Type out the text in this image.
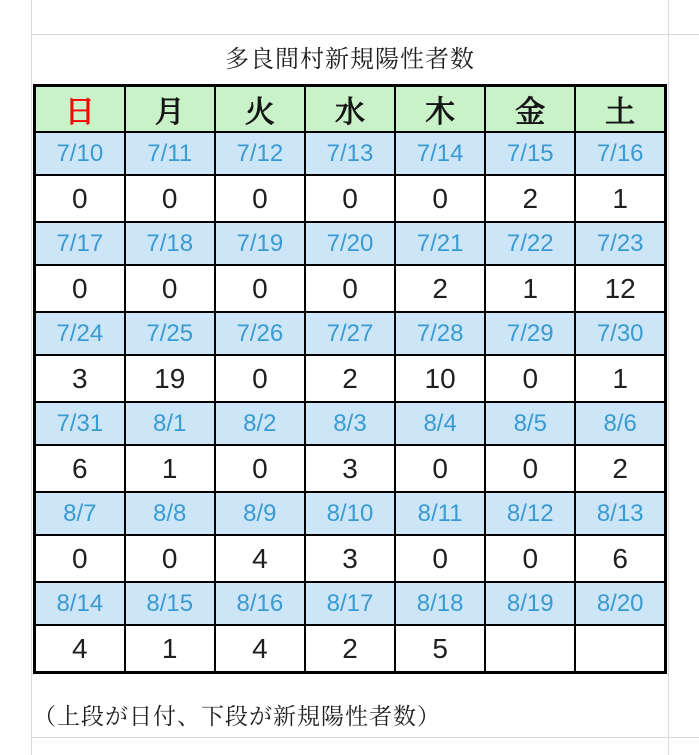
多良間村新規陽性者数
日	月	火	水	木	金	土
7/10	7/11	7/12	7/13	7/14	7/15	7/16
0	0	0	0	0	2	1
7/17	7/18	7/19	7/20	7/21	7/22	7/23
0	0	0	0	2	1	12
7/24	7/25	7/26	7/27	7/28	7/29	7/30
3	19	0	2	10	0	1
7/31	8/1	8/2	8/3	8/4	8/5	8/6
6	1	0	3	0	0	2
8/7	8/8	8/9	8/10	8/11	8/12	8/13
0	0	4	3	0	0	6
8/14	8/15	8/16	8/17	8/18	8/19	8/20
4	1	4	2	5		
（上段が日付、下段が新規陽性者数）
